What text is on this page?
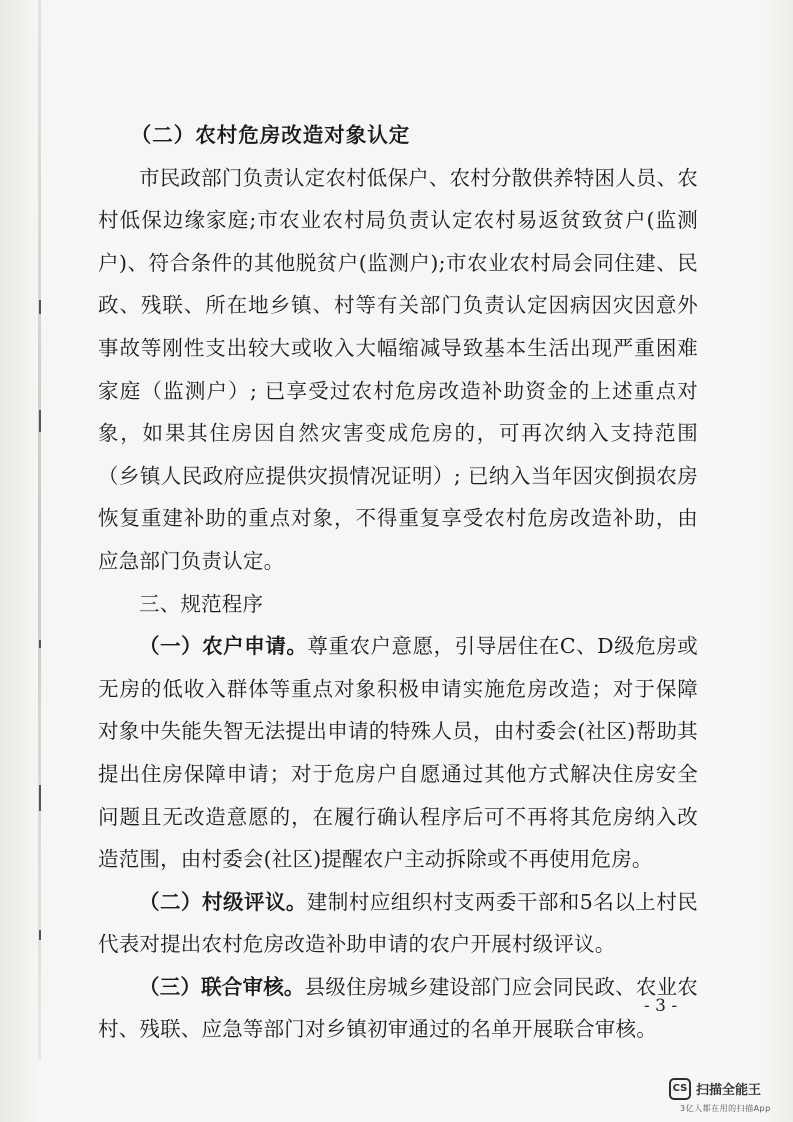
（二）农村危房改造对象认定

市民政部门负责认定农村低保户、农村分散供养特困人员、农村低保边缘家庭;市农业农村局负责认定农村易返贫致贫户(监测户)、符合条件的其他脱贫户(监测户);市农业农村局会同住建、民政、残联、所在地乡镇、村等有关部门负责认定因病因灾因意外事故等刚性支出较大或收入大幅缩减导致基本生活出现严重困难家庭（监测户）; 已享受过农村危房改造补助资金的上述重点对象，如果其住房因自然灾害变成危房的，可再次纳入支持范围（乡镇人民政府应提供灾损情况证明）; 已纳入当年因灾倒损农房恢复重建补助的重点对象，不得重复享受农村危房改造补助，由应急部门负责认定。

三、规范程序

（一）农户申请。尊重农户意愿，引导居住在C、D级危房或无房的低收入群体等重点对象积极申请实施危房改造；对于保障对象中失能失智无法提出申请的特殊人员，由村委会(社区)帮助其提出住房保障申请；对于危房户自愿通过其他方式解决住房安全问题且无改造意愿的，在履行确认程序后可不再将其危房纳入改造范围，由村委会(社区)提醒农户主动拆除或不再使用危房。

（二）村级评议。建制村应组织村支两委干部和5名以上村民代表对提出农村危房改造补助申请的农户开展村级评议。

（三）联合审核。县级住房城乡建设部门应会同民政、农业农村、残联、应急等部门对乡镇初审通过的名单开展联合审核。

- 3 -
CS 扫描全能王
3亿人都在用的扫描App
